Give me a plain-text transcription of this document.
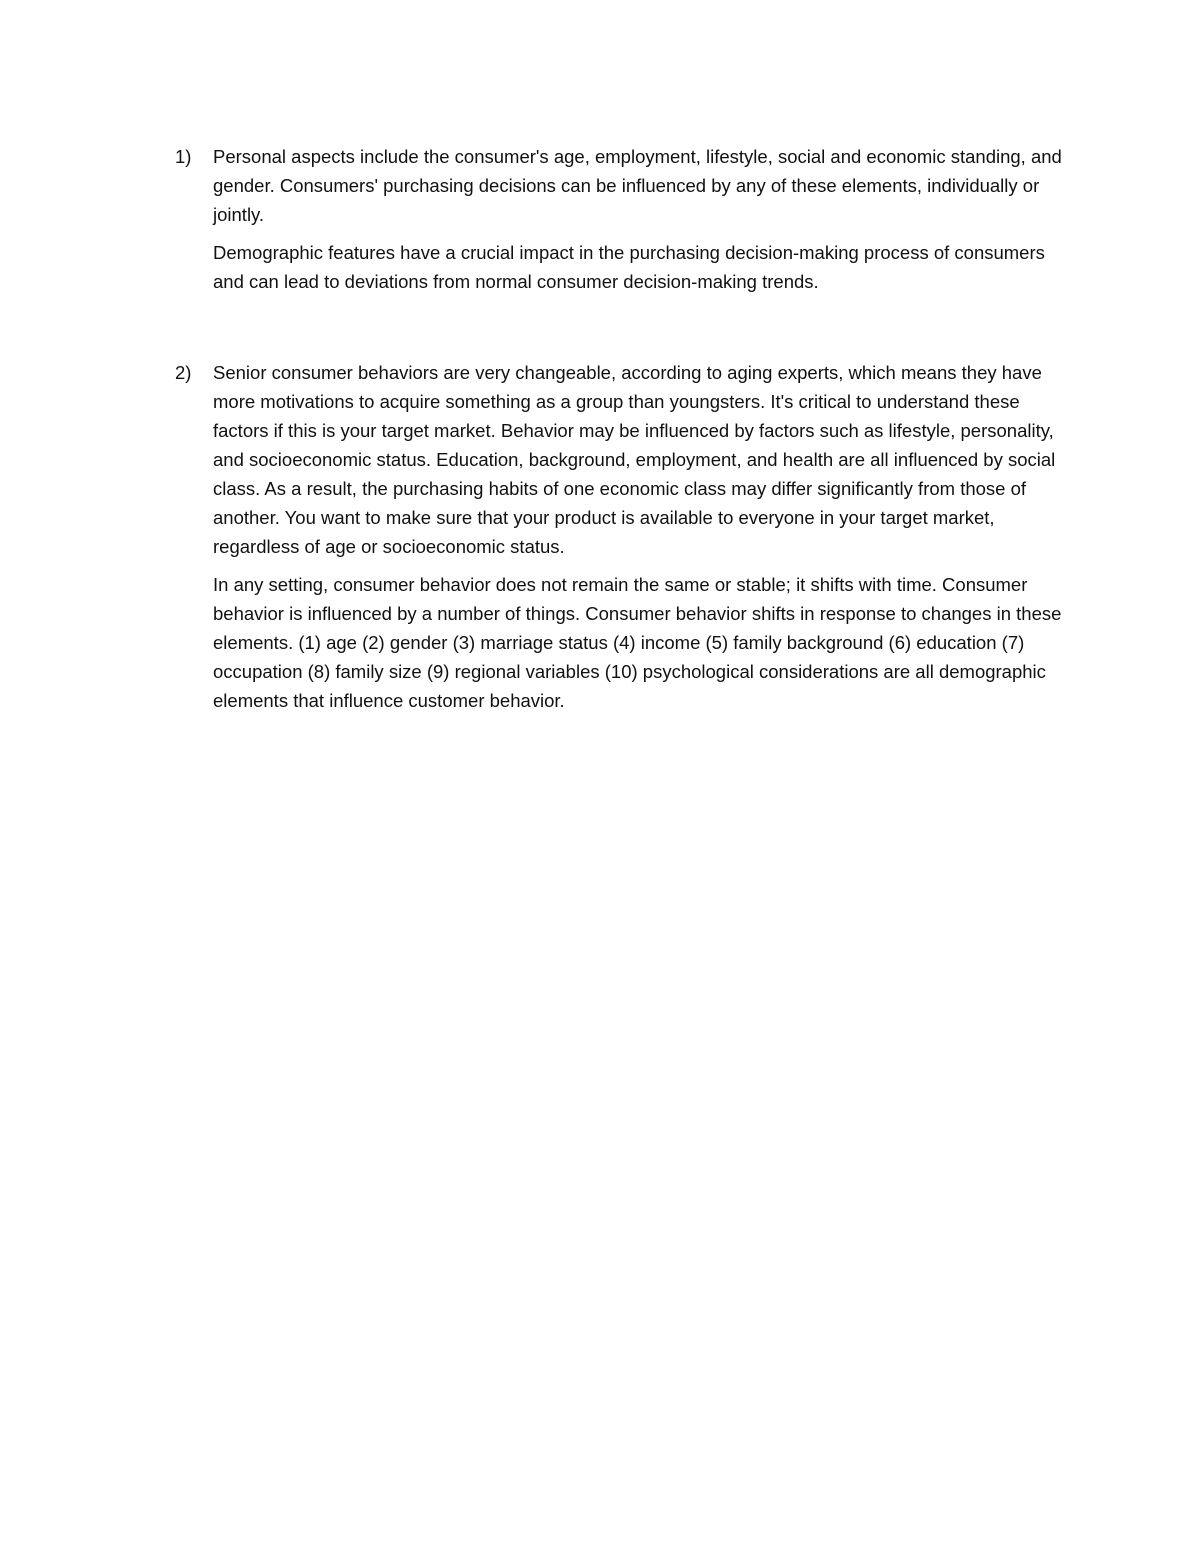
1) Personal aspects include the consumer's age, employment, lifestyle, social and economic standing, and gender. Consumers' purchasing decisions can be influenced by any of these elements, individually or jointly.

Demographic features have a crucial impact in the purchasing decision-making process of consumers and can lead to deviations from normal consumer decision-making trends.

2) Senior consumer behaviors are very changeable, according to aging experts, which means they have more motivations to acquire something as a group than youngsters. It's critical to understand these factors if this is your target market. Behavior may be influenced by factors such as lifestyle, personality, and socioeconomic status. Education, background, employment, and health are all influenced by social class. As a result, the purchasing habits of one economic class may differ significantly from those of another. You want to make sure that your product is available to everyone in your target market, regardless of age or socioeconomic status.

In any setting, consumer behavior does not remain the same or stable; it shifts with time. Consumer behavior is influenced by a number of things. Consumer behavior shifts in response to changes in these elements. (1) age (2) gender (3) marriage status (4) income (5) family background (6) education (7) occupation (8) family size (9) regional variables (10) psychological considerations are all demographic elements that influence customer behavior.
